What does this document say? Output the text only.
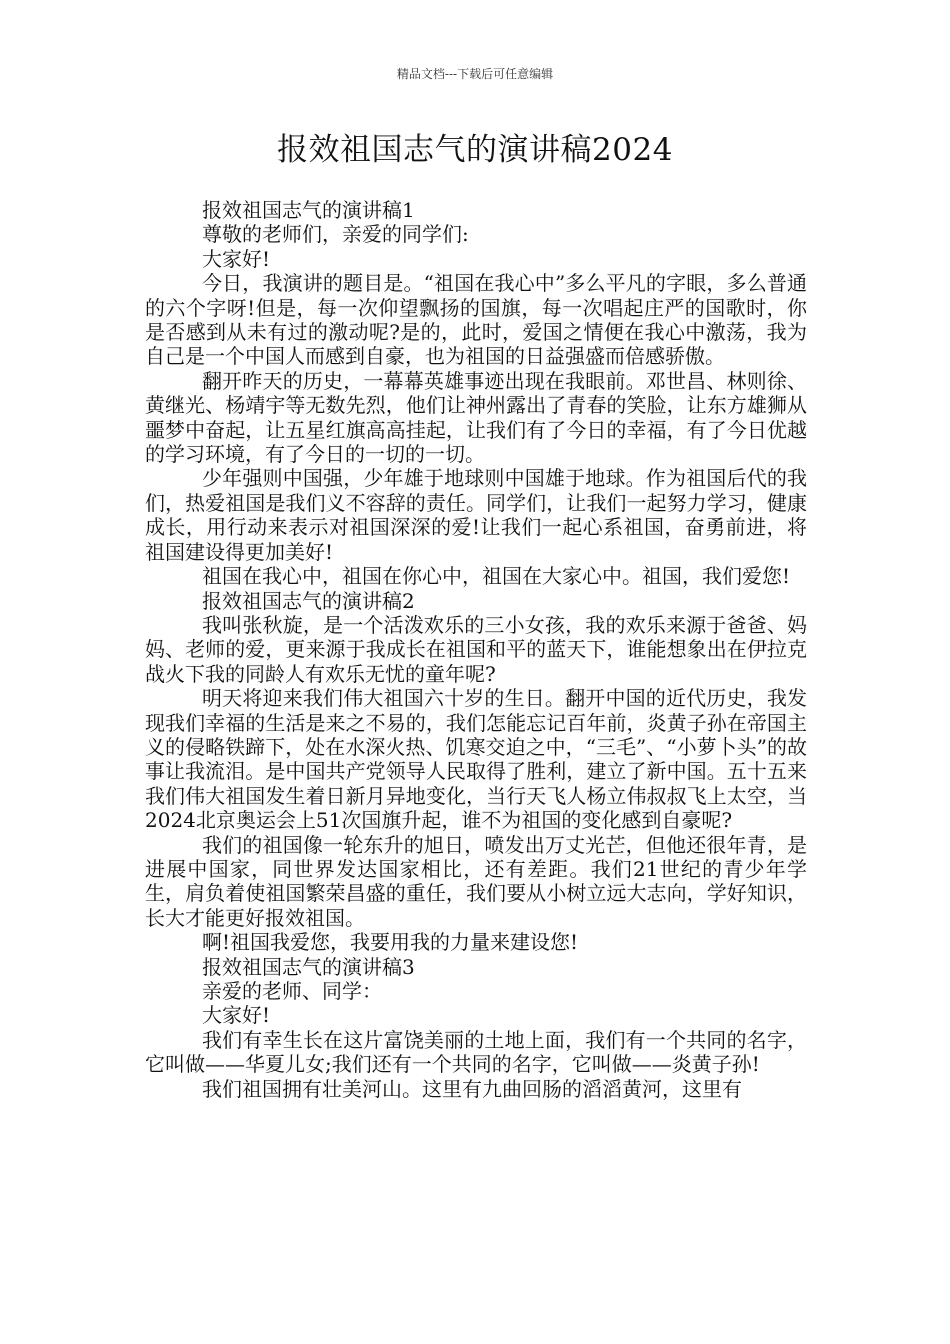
精品文档---下载后可任意编辑
报效祖国志气的演讲稿2024

报效祖国志气的演讲稿1

尊敬的老师们，亲爱的同学们:

大家好!

今日，我演讲的题目是。“祖国在我心中”多么平凡的字眼，多么普通的六个字呀!但是，每一次仰望飘扬的国旗，每一次唱起庄严的国歌时，你是否感到从未有过的激动呢?是的，此时，爱国之情便在我心中激荡，我为自己是一个中国人而感到自豪，也为祖国的日益强盛而倍感骄傲。

翻开昨天的历史，一幕幕英雄事迹出现在我眼前。邓世昌、林则徐、黄继光、杨靖宇等无数先烈，他们让神州露出了青春的笑脸，让东方雄狮从噩梦中奋起，让五星红旗高高挂起，让我们有了今日的幸福，有了今日优越的学习环境，有了今日的一切的一切。

少年强则中国强，少年雄于地球则中国雄于地球。作为祖国后代的我们，热爱祖国是我们义不容辞的责任。同学们，让我们一起努力学习，健康成长，用行动来表示对祖国深深的爱!让我们一起心系祖国，奋勇前进，将祖国建设得更加美好!

祖国在我心中，祖国在你心中，祖国在大家心中。祖国，我们爱您!

报效祖国志气的演讲稿2

我叫张秋旋，是一个活泼欢乐的三小女孩，我的欢乐来源于爸爸、妈妈、老师的爱，更来源于我成长在祖国和平的蓝天下，谁能想象出在伊拉克战火下我的同龄人有欢乐无忧的童年呢?

明天将迎来我们伟大祖国六十岁的生日。翻开中国的近代历史，我发现我们幸福的生活是来之不易的，我们怎能忘记百年前，炎黄子孙在帝国主义的侵略铁蹄下，处在水深火热、饥寒交迫之中，“三毛”、“小萝卜头”的故事让我流泪。是中国共产党领导人民取得了胜利，建立了新中国。五十五来我们伟大祖国发生着日新月异地变化，当行天飞人杨立伟叔叔飞上太空，当2024北京奥运会上51次国旗升起，谁不为祖国的变化感到自豪呢?

我们的祖国像一轮东升的旭日，喷发出万丈光芒，但他还很年青，是进展中国家，同世界发达国家相比，还有差距。我们21世纪的青少年学生，肩负着使祖国繁荣昌盛的重任，我们要从小树立远大志向，学好知识，长大才能更好报效祖国。

啊!祖国我爱您，我要用我的力量来建设您!

报效祖国志气的演讲稿3

亲爱的老师、同学：

大家好!

我们有幸生长在这片富饶美丽的土地上面，我们有一个共同的名字，它叫做——华夏儿女;我们还有一个共同的名字，它叫做——炎黄子孙!

我们祖国拥有壮美河山。这里有九曲回肠的滔滔黄河，这里有
